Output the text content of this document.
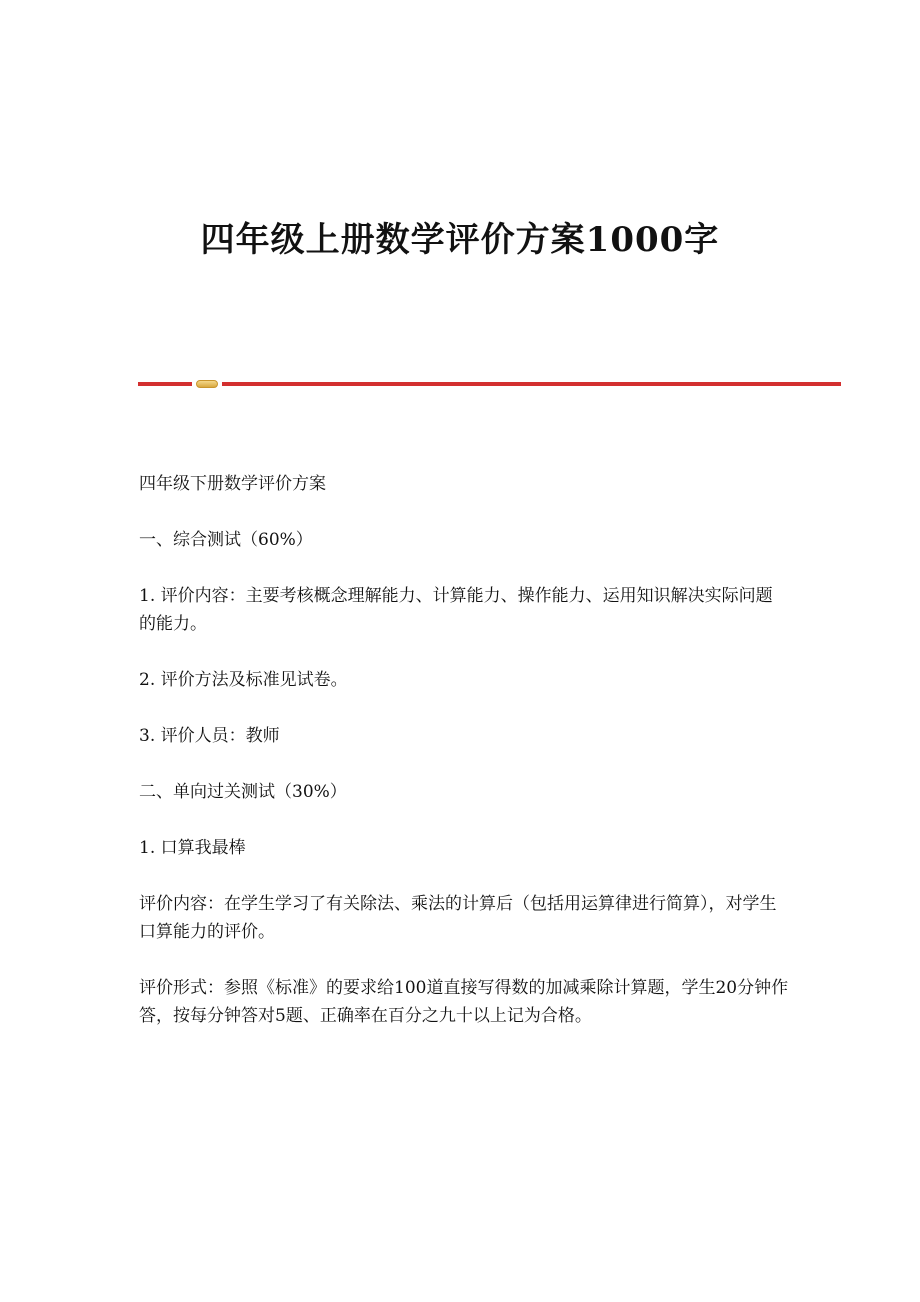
四年级上册数学评价方案1000字

四年级下册数学评价方案

一、综合测试（60%）

1. 评价内容：主要考核概念理解能力、计算能力、操作能力、运用知识解决实际问题的能力。

2. 评价方法及标准见试卷。

3. 评价人员：教师

二、单向过关测试（30%）

1. 口算我最棒

评价内容：在学生学习了有关除法、乘法的计算后（包括用运算律进行简算），对学生口算能力的评价。

评价形式：参照《标准》的要求给100道直接写得数的加减乘除计算题，学生20分钟作答，按每分钟答对5题、正确率在百分之九十以上记为合格。
